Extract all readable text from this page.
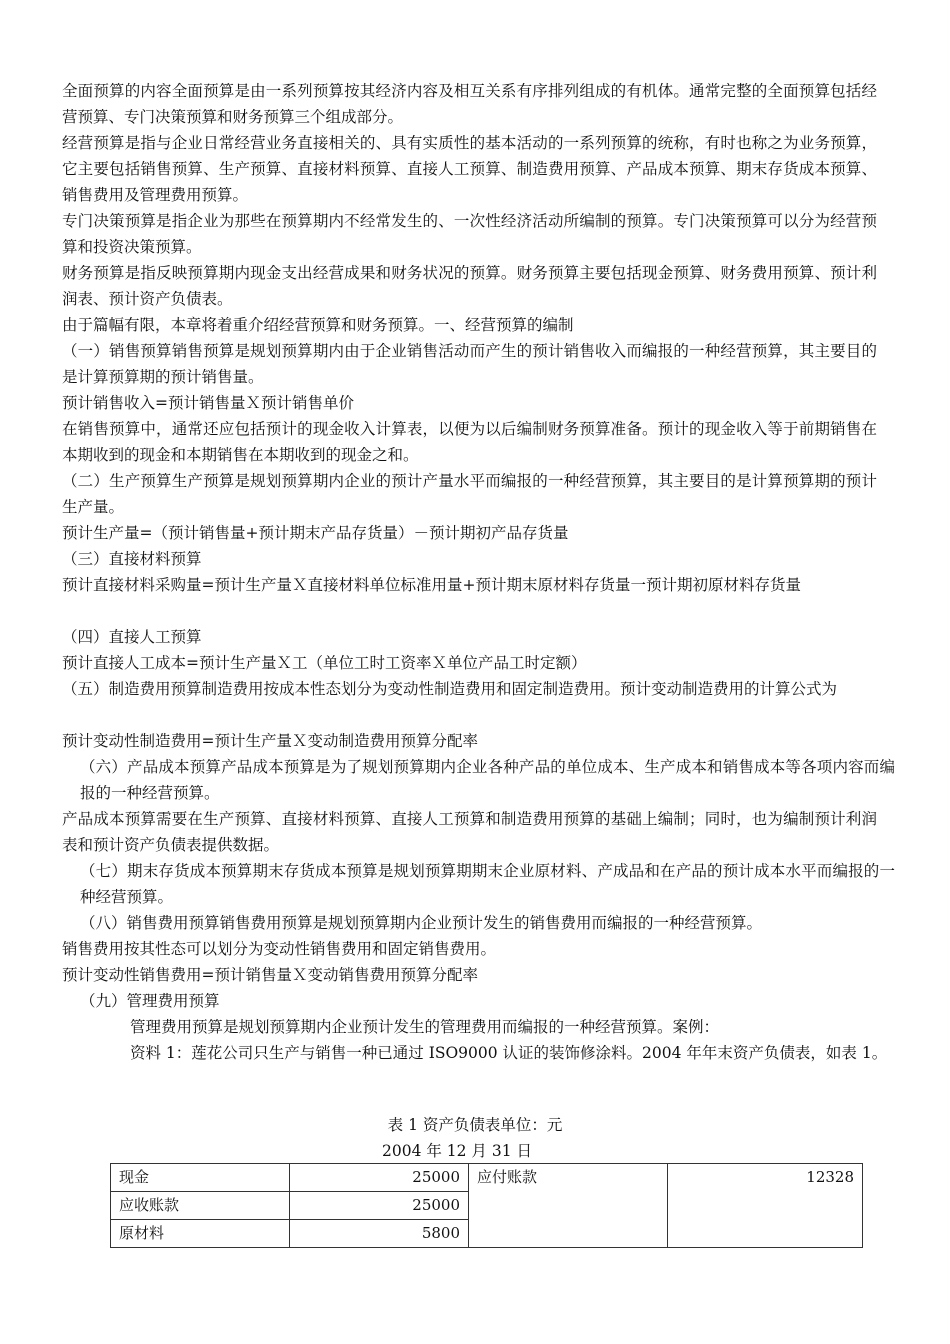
全面预算的内容全面预算是由一系列预算按其经济内容及相互关系有序排列组成的有机体。通常完整的全面预算包括经营预算、专门决策预算和财务预算三个组成部分。

经营预算是指与企业日常经营业务直接相关的、具有实质性的基本活动的一系列预算的统称，有时也称之为业务预算，它主要包括销售预算、生产预算、直接材料预算、直接人工预算、制造费用预算、产品成本预算、期末存货成本预算、销售费用及管理费用预算。

专门决策预算是指企业为那些在预算期内不经常发生的、一次性经济活动所编制的预算。专门决策预算可以分为经营预算和投资决策预算。

财务预算是指反映预算期内现金支出经营成果和财务状况的预算。财务预算主要包括现金预算、财务费用预算、预计利润表、预计资产负债表。

由于篇幅有限，本章将着重介绍经营预算和财务预算。一、经营预算的编制

（一）销售预算销售预算是规划预算期内由于企业销售活动而产生的预计销售收入而编报的一种经营预算，其主要目的是计算预算期的预计销售量。

预计销售收入=预计销售量Ｘ预计销售单价

在销售预算中，通常还应包括预计的现金收入计算表，以便为以后编制财务预算准备。预计的现金收入等于前期销售在本期收到的现金和本期销售在本期收到的现金之和。

（二）生产预算生产预算是规划预算期内企业的预计产量水平而编报的一种经营预算，其主要目的是计算预算期的预计生产量。

预计生产量=（预计销售量+预计期末产品存货量）－预计期初产品存货量

（三）直接材料预算

预计直接材料采购量=预计生产量Ｘ直接材料单位标准用量+预计期末原材料存货量一预计期初原材料存货量

（四）直接人工预算

预计直接人工成本=预计生产量Ｘ工（单位工时工资率Ｘ单位产品工时定额）

（五）制造费用预算制造费用按成本性态划分为变动性制造费用和固定制造费用。预计变动制造费用的计算公式为

预计变动性制造费用=预计生产量Ｘ变动制造费用预算分配率

（六）产品成本预算产品成本预算是为了规划预算期内企业各种产品的单位成本、生产成本和销售成本等各项内容而编报的一种经营预算。

产品成本预算需要在生产预算、直接材料预算、直接人工预算和制造费用预算的基础上编制；同时，也为编制预计利润表和预计资产负债表提供数据。

（七）期末存货成本预算期末存货成本预算是规划预算期期末企业原材料、产成品和在产品的预计成本水平而编报的一种经营预算。

（八）销售费用预算销售费用预算是规划预算期内企业预计发生的销售费用而编报的一种经营预算。

销售费用按其性态可以划分为变动性销售费用和固定销售费用。

预计变动性销售费用=预计销售量Ｘ变动销售费用预算分配率

（九）管理费用预算

管理费用预算是规划预算期内企业预计发生的管理费用而编报的一种经营预算。案例：

资料 1：莲花公司只生产与销售一种已通过 ISO9000 认证的装饰修涂料。2004 年年末资产负债表，如表 1。

表 1 资产负债表单位：元
2004 年 12 月 31 日
现金	25000	应付账款	12328
应收账款	25000		
原材料	5800		
